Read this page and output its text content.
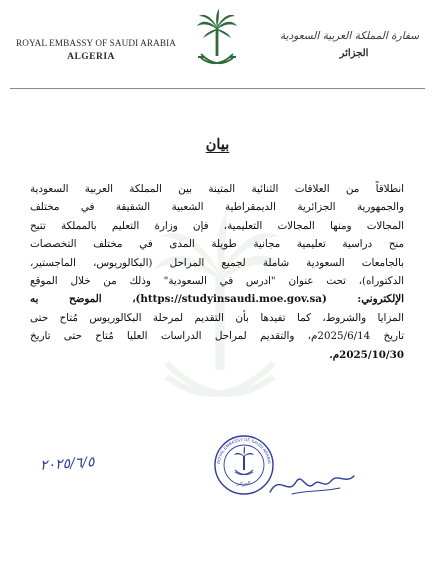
ROYAL EMBASSY OF SAUDI ARABIA
ALGERIA
سفارة المملكة العربية السعودية
الجزائر
بيان
انطلاقاً من العلاقات الثنائية المتينة بين المملكة العربية السعودية
والجمهورية الجزائرية الديمقراطية الشعبية الشقيقة في مختلف
المجالات ومنها المجالات التعليمية، فإن وزارة التعليم بالمملكة تتيح
منح دراسية تعليمية مجانية طويلة المدى في مختلف التخصصات
بالجامعات السعودية شاملة لجميع المراحل (البكالوريوس، الماجستير،
الدكتوراه)، تحت عنوان "ادرس في السعودية" وذلك من خلال الموقع
الإلكتروني: (https://studyinsaudi.moe.gov.sa)، الموضح به
المزايا والشروط، كما تفيدها بأن التقديم لمرحلة البكالوريوس مُتاح حتى
تاريخ 2025/6/14م، والتقديم لمراحل الدراسات العليا مُتاح حتى تاريخ
2025/10/30م.
٢٠٢٥/٦/٥	ROYAL EMBASSY OF SAUDI ARABIA
الجزائر
